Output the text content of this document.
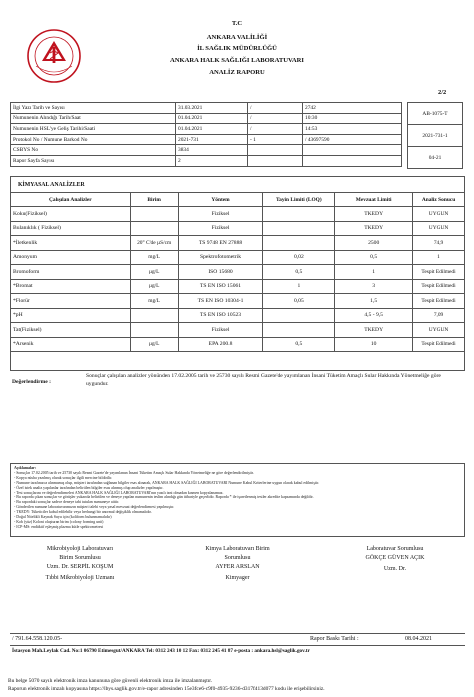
T.C
ANKARA VALİLİĞİ
İL SAĞLIK MÜDÜRLÜĞÜ
ANKARA HALK SAĞLIĞI LABORATUVARI
ANALİZ RAPORU
2/2
İlgi Yazı Tarih ve Sayısı	31.03.2021	/	2742
Numunenin Alındığı Tarih/Saat	01.04.2021	/	10:30
Numunenin HSL'ye Geliş Tarihi/Saati	01.04.2021	/	14:53
Protokol No / Numune Barkod No	2021-731	- 1	/ 43697590
CSBYS No	3834		
Rapor Sayfa Sayısı	2		
AB-1075-T
2021-731-1
04-21
KİMYASAL ANALİZLER
Çalışılan Analizler	Birim	Yöntem	Tayin Limiti (LOQ)	Mevzuat Limiti	Analiz Sonucu
Koku(Fiziksel)		Fiziksel		TKEDY	UYGUN
Bulanıklık ( Fiziksel)		Fiziksel		TKEDY	UYGUN
*İletkenlik	20° C'de µS/cm	TS 9748 EN 27888		2500	74,9
Amonyum	mg/L	Spektrofotometrik	0,02	0,5	1
Bromoform	µg/L	ISO 15680	0,5	1	Tespit Edilmedi
*Bromat	µg/L	TS EN ISO 15061	1	3	Tespit Edilmedi
*Florür	mg/L	TS EN ISO 10304-1	0,05	1,5	Tespit Edilmedi
*pH		TS EN ISO 10523		4,5 - 9,5	7,09
Tat(Fiziksel)		Fiziksel		TKEDY	UYGUN
*Arsenik	µg/L	EPA 200.8	0,5	10	Tespit Edilmedi
Değerlendirme :
Sonuçlar çalışılan analizler yönünden 17.02.2005 tarih ve 25730 sayılı Resmi Gazete'de yayımlanan İnsani Tüketim Amaçlı Sular Hakkında Yönetmeliğe göre uygundur.
Açıklamalar:
- Sonuçlar 17.02.2005 tarih ve 25730 sayılı Resmi Gazete'de yayımlanan İnsani Tüketim Amaçlı Sular Hakkında Yönetmeliğe ne göre değerlendirilmiştir.
- Kopya nüsha yazılmış olarak sonuçlar ilgili mercine bildirilir.
- Numune tarafınızca alınmamış olup, müşteri tarafından sağlanan bilgiler esas alınarak, ANKARA HALK SAĞLIĞI LABORATUVARI Numune Kabul Kriterlerine uygun olarak kabul edilmiştir.
- Özel istek analiz yapılanlar tarafından belirtilen bilgiler esas alınmış olup analizler yapılmıştır.
- Test sonuçlarını ve değerlendirmeleri ANKARA HALK SAĞLIĞI LABORATUVARI'nın yazılı izni olmadan kısmen kopyalanamaz.
- Bu raporda çıkan sonuçlar ve görüşler yukarıda belirtilen ve deneye yapılan numunenin teslim alındığı gün itibariyle geçerlidir. Raporda * ile işaretlenmiş testler akredite kapsamında değildir.
- Bu rapordaki sonuçlar sadece deneye tabi tutulan numuneye aittir.
- Gönderilen numune laboratuvarımızın müşteri talebi veya yasal mevzuat değerlendirmesi yapılmıştır.
- TKEDY: Tüketiciler kabul edilebilir veya herhangi bir anormal değişiklik olmamalıdır.
- Doğal Nitelikli Kaynak Suyu için (koliform bulunmamalıdır)
- Kob (yüz) Koloni oluşturan birim (colony forming unit)
- ICP-MS: endüktif eşleşmiş plazma kütle spektrometresi
Mikrobiyoloji Laboratuvarı
Birim Sorumlusu
Uzm. Dr. SERPİL KOŞUM
Tıbbi Mikrobiyoloji Uzmanı
Kimya Laboratuvarı Birim
Sorumlusu
AYFER ARSLAN
Kimyager
Laboratuvar Sorumlusu
GÖKÇE GÜVEN AÇIK
Uzm. Dr.
/ 791.64.558.120.05-	Rapor Baskı Tarihi :	08.04.2021
İstasyon Mah.Leylak Cad. No:1 06790 Etimesgut/ANKARA Tel: 0312 243 10 12 Fax: 0312 245 41 87 e-posta : ankara.hsl@saglik.gov.tr
Bu belge 5070 sayılı elektronik imza kanununa göre güvenli elektronik imza ile imzalanmıştır.
Raporun elektronik imzalı kopyasına https://lbys.saglik.gov.tr/e-rapor adresinden 15e3fce6-c9f0-4935-9236-d317f413d077 kodu ile erişebilirsiniz.
